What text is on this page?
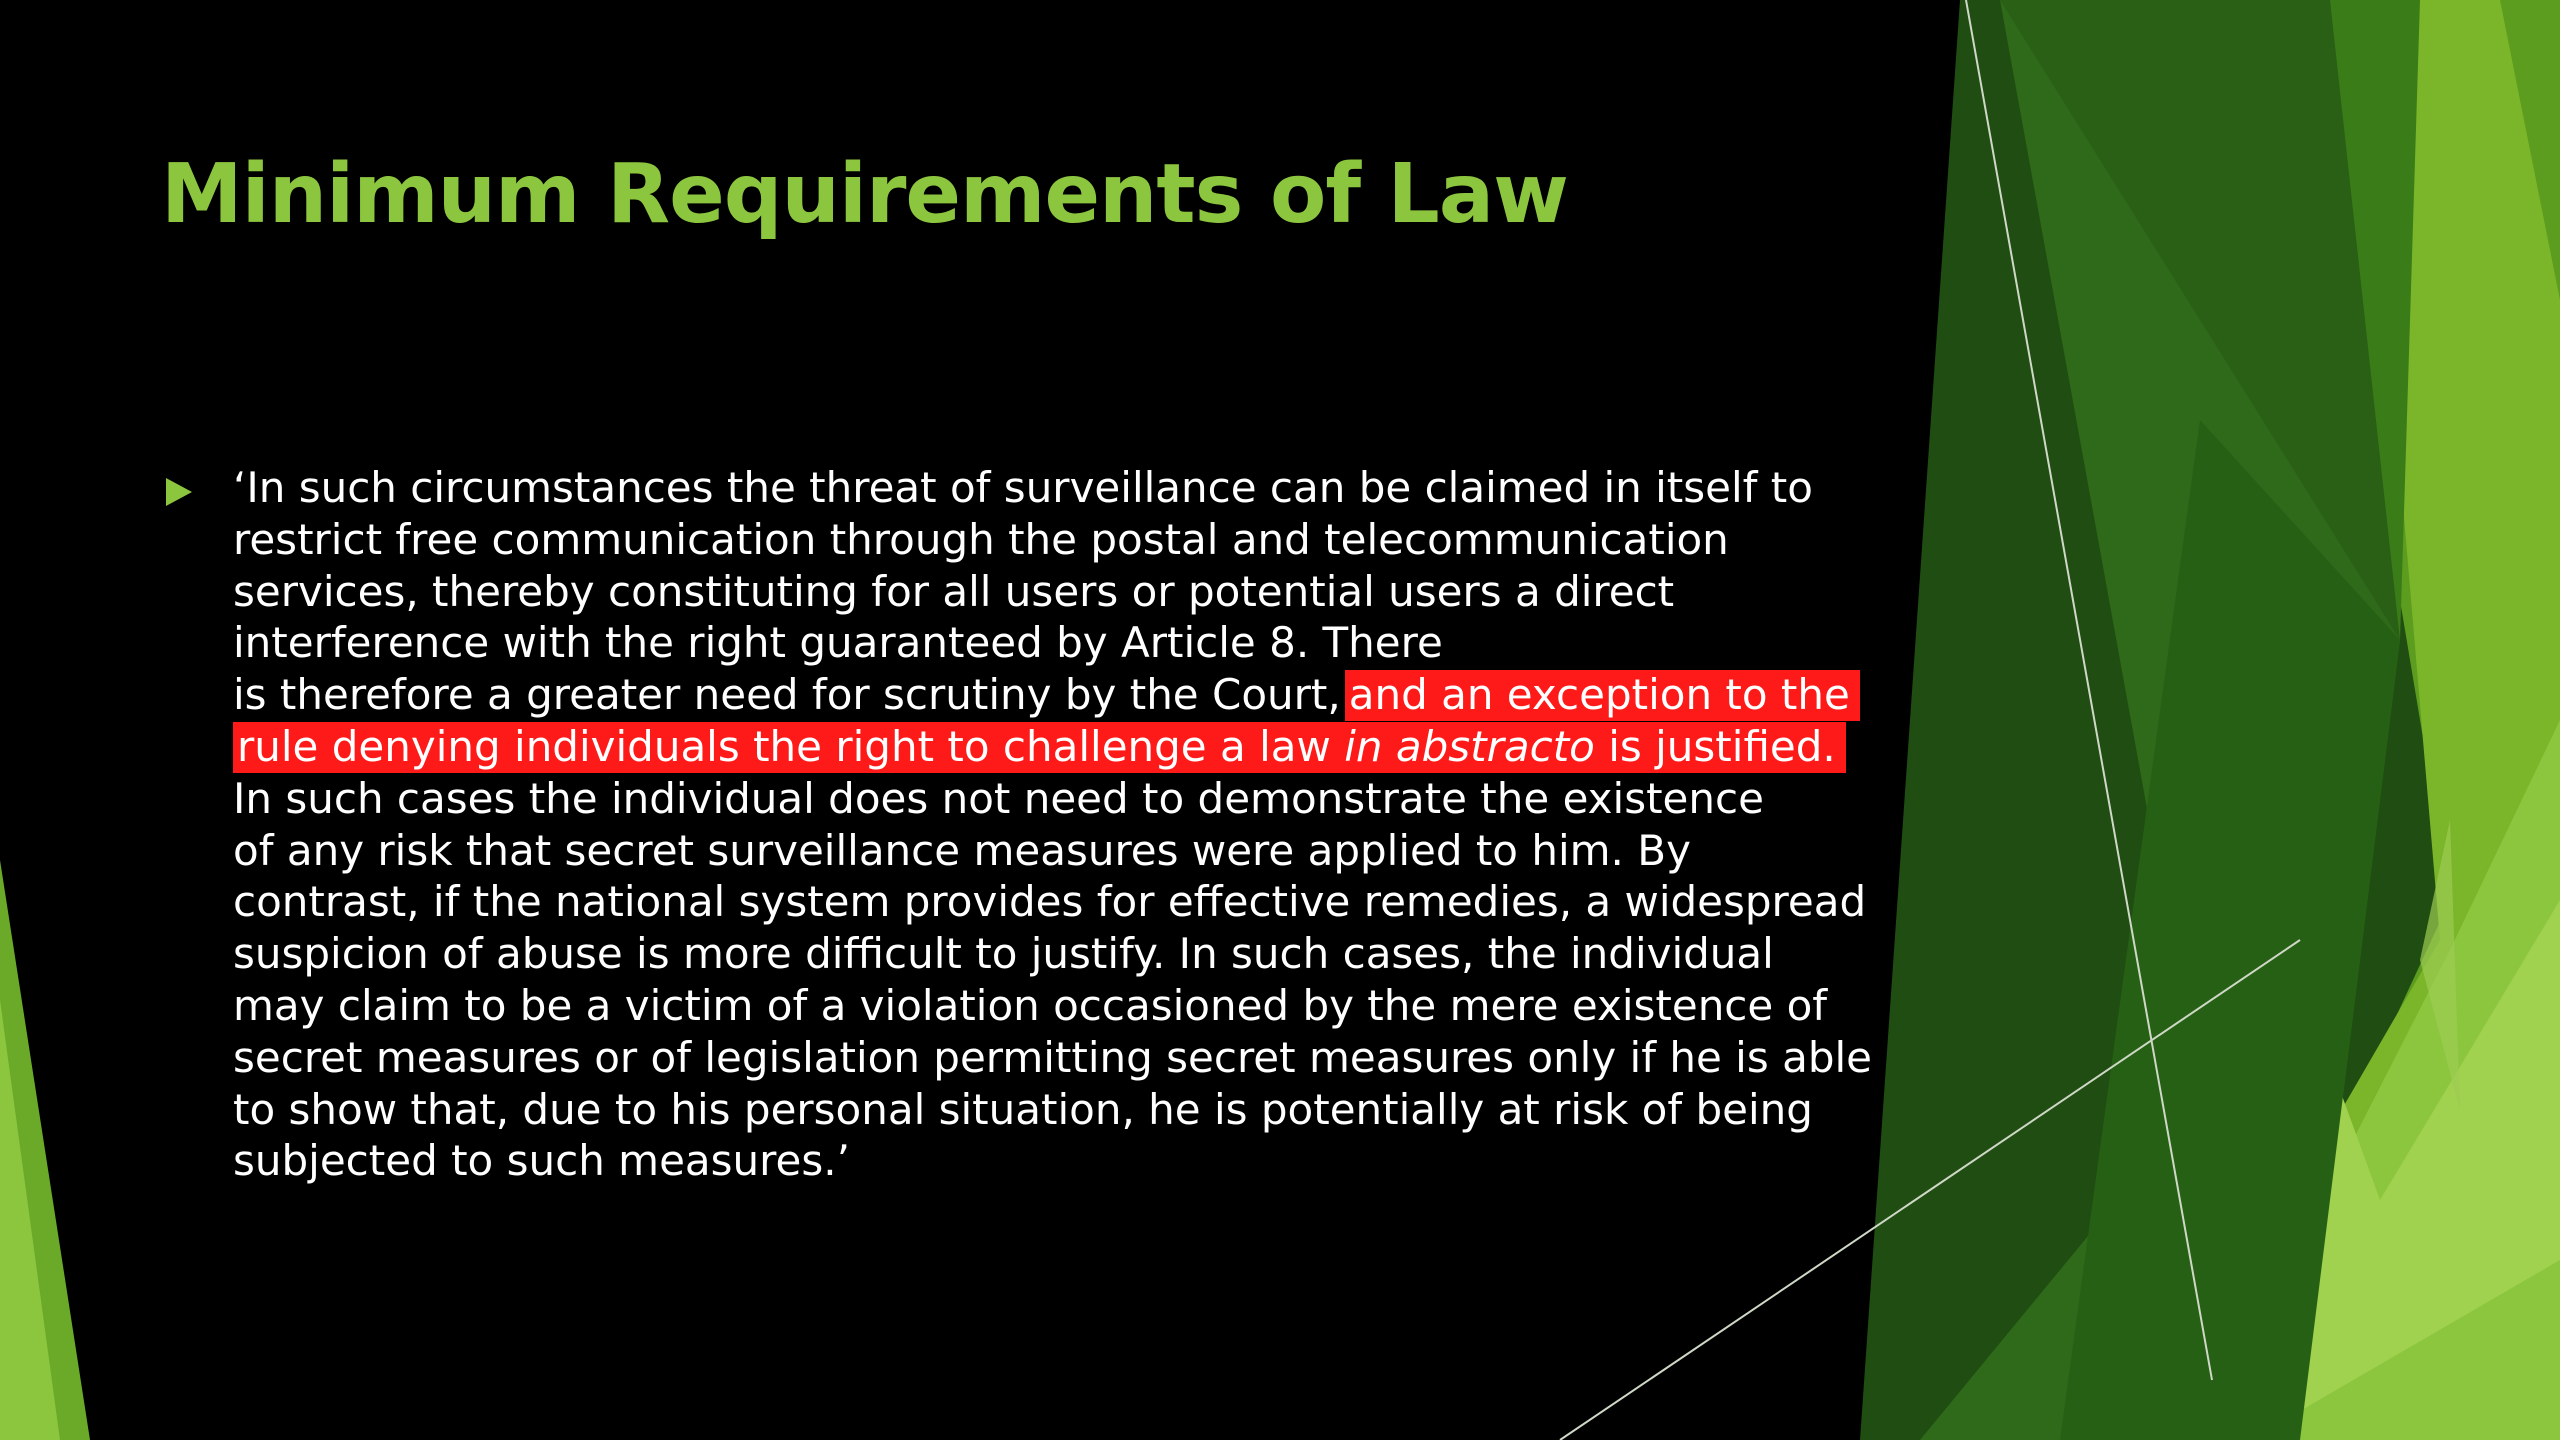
Minimum Requirements of Law

‘In such circumstances the threat of surveillance can be claimed in itself to
restrict free communication through the postal and telecommunication
services, thereby constituting for all users or potential users a direct
interference with the right guaranteed by Article 8. There
is therefore a greater need for scrutiny by the Court, and an exception to the
rule denying individuals the right to challenge a law in abstracto is justified.
In such cases the individual does not need to demonstrate the existence
of any risk that secret surveillance measures were applied to him. By
contrast, if the national system provides for effective remedies, a widespread
suspicion of abuse is more difficult to justify. In such cases, the individual
may claim to be a victim of a violation occasioned by the mere existence of
secret measures or of legislation permitting secret measures only if he is able
to show that, due to his personal situation, he is potentially at risk of being
subjected to such measures.’
